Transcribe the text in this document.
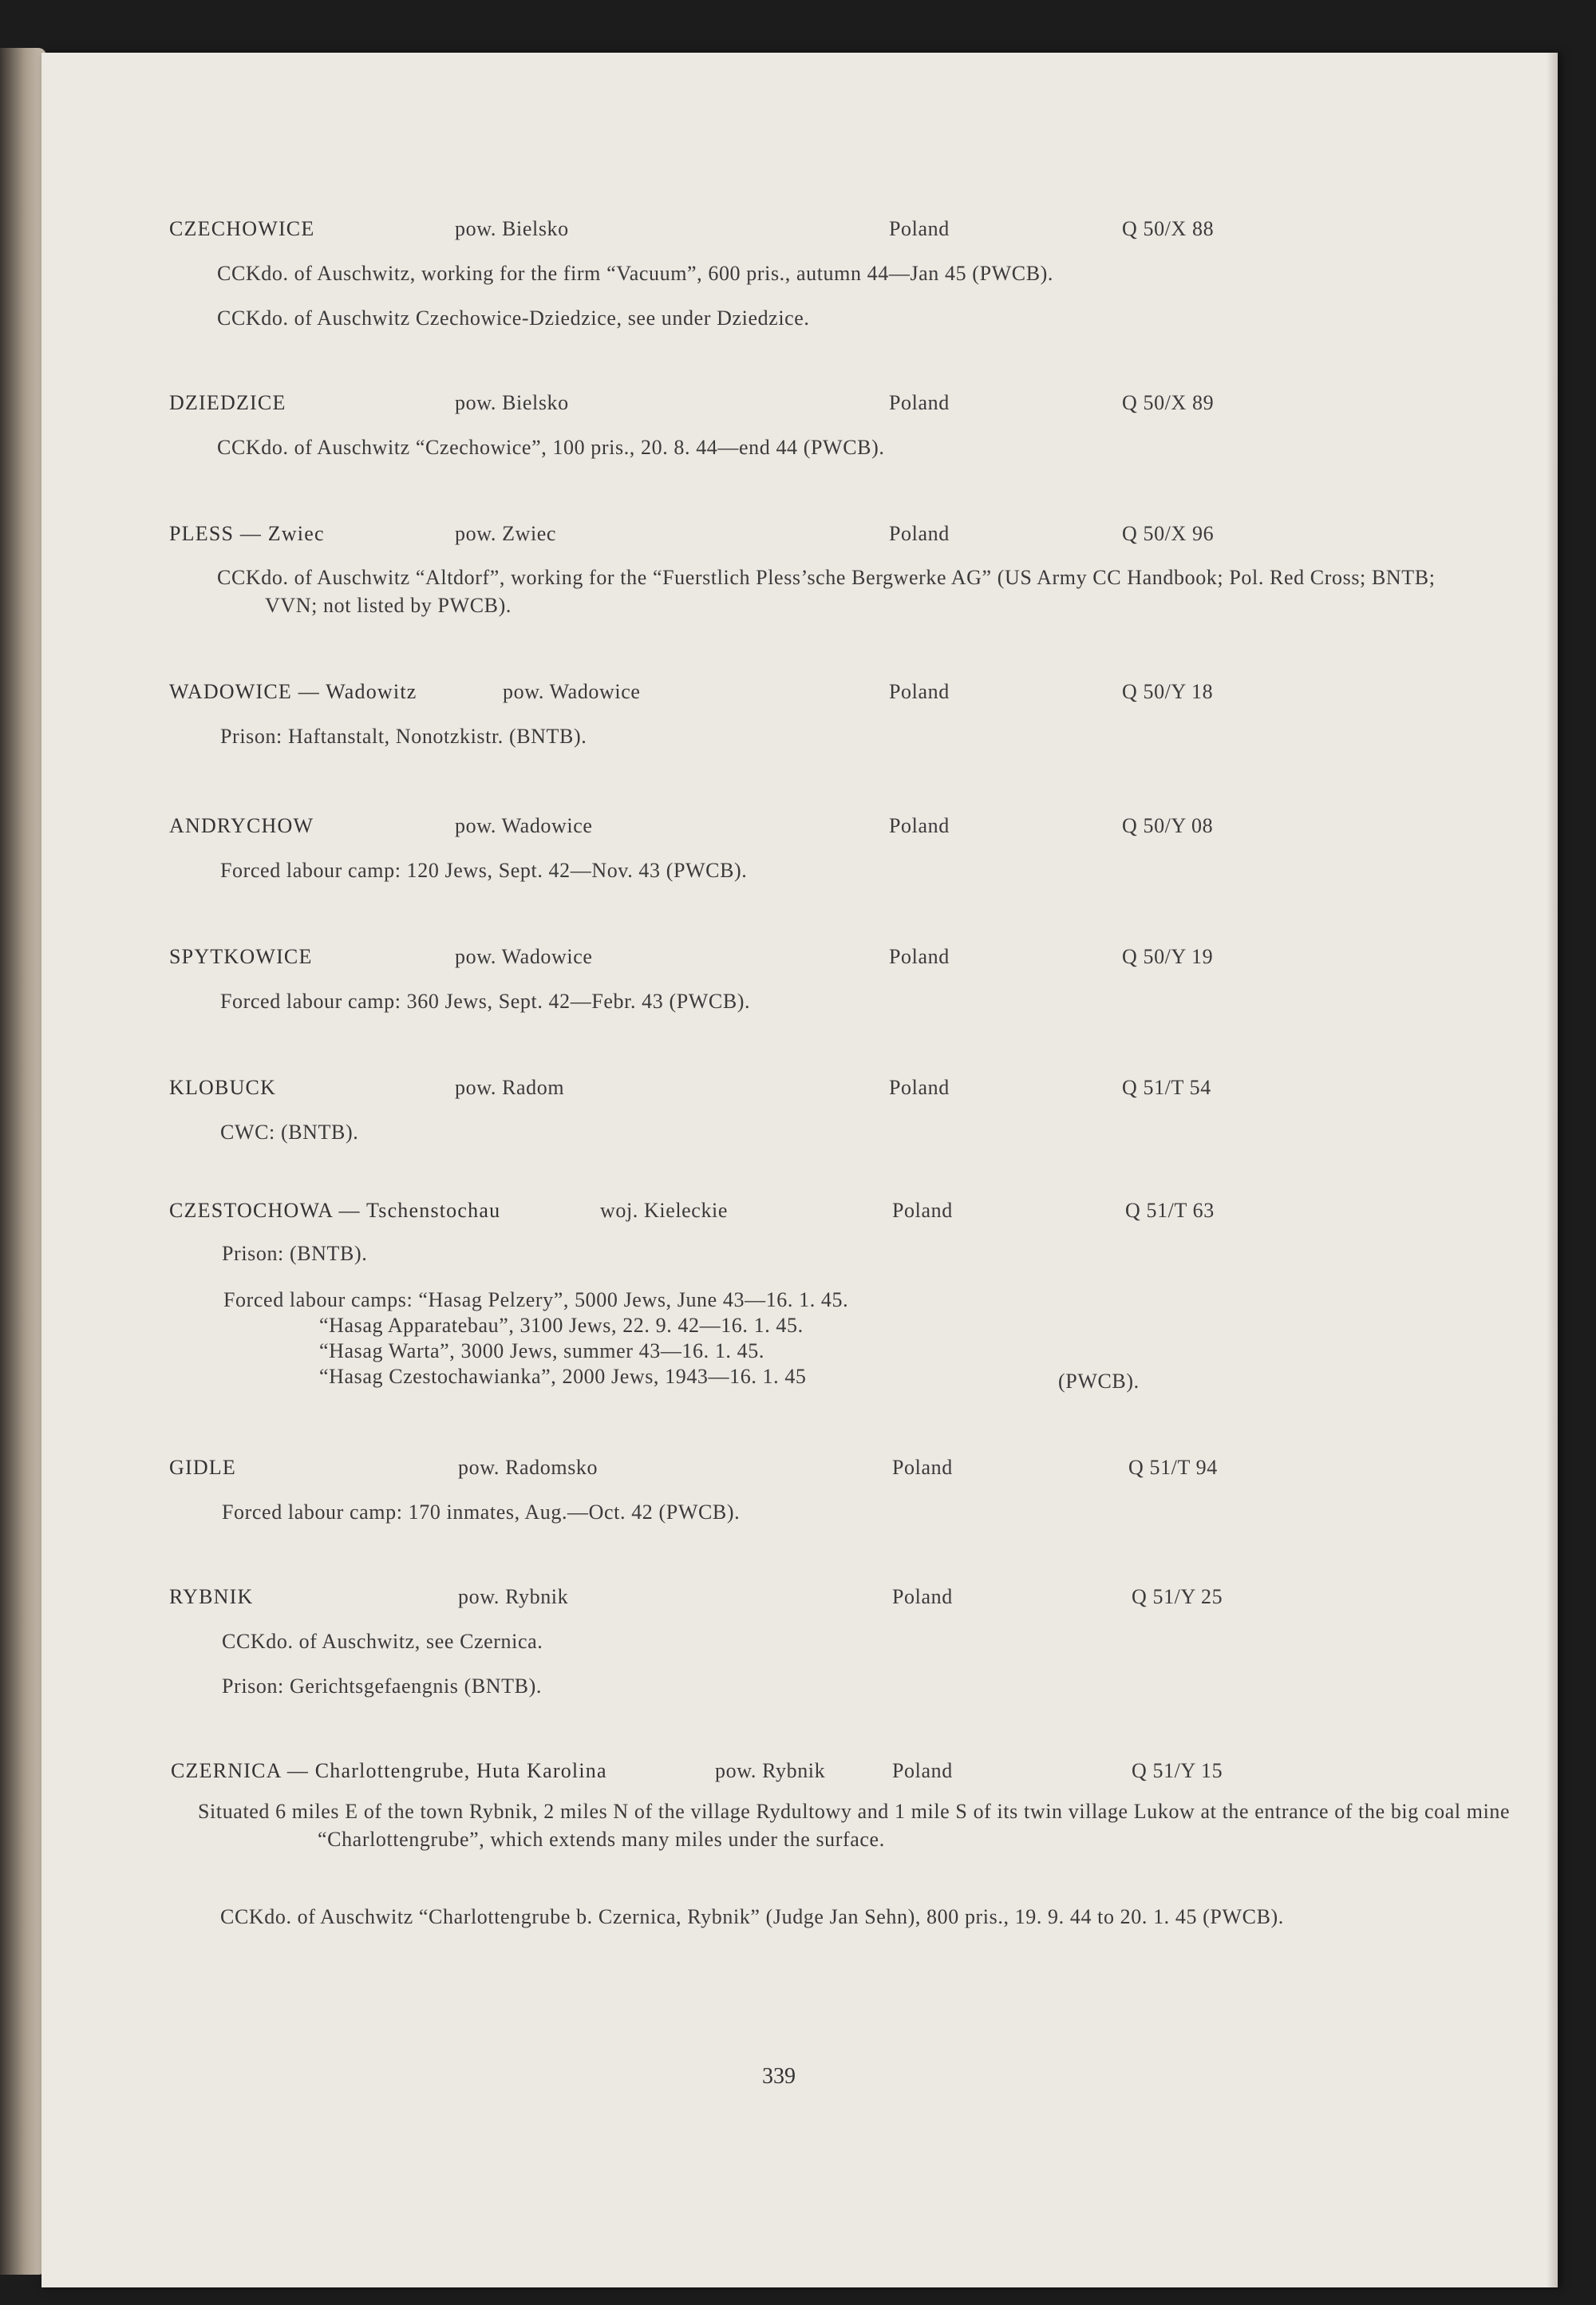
CZECHOWICE	pow. Bielsko	Poland	Q 50/X 88
CCKdo. of Auschwitz, working for the firm “Vacuum”, 600 pris., autumn 44—Jan 45 (PWCB).
CCKdo. of Auschwitz Czechowice-Dziedzice, see under Dziedzice.
DZIEDZICE	pow. Bielsko	Poland	Q 50/X 89
CCKdo. of Auschwitz “Czechowice”, 100 pris., 20. 8. 44—end 44 (PWCB).
PLESS — Zwiec	pow. Zwiec	Poland	Q 50/X 96
CCKdo. of Auschwitz “Altdorf”, working for the “Fuerstlich Pless’sche Bergwerke AG” (US Army CC Handbook; Pol. Red Cross; BNTB; VVN; not listed by PWCB).
WADOWICE — Wadowitz	pow. Wadowice	Poland	Q 50/Y 18
Prison: Haftanstalt, Nonotzkistr. (BNTB).
ANDRYCHOW	pow. Wadowice	Poland	Q 50/Y 08
Forced labour camp: 120 Jews, Sept. 42—Nov. 43 (PWCB).
SPYTKOWICE	pow. Wadowice	Poland	Q 50/Y 19
Forced labour camp: 360 Jews, Sept. 42—Febr. 43 (PWCB).
KLOBUCK	pow. Radom	Poland	Q 51/T 54
CWC: (BNTB).
CZESTOCHOWA — Tschenstochau	woj. Kieleckie	Poland	Q 51/T 63
Prison: (BNTB).
Forced labour camps: “Hasag Pelzery”, 5000 Jews, June 43—16. 1. 45.
“Hasag Apparatebau”, 3100 Jews, 22. 9. 42—16. 1. 45.
“Hasag Warta”, 3000 Jews, summer 43—16. 1. 45.
“Hasag Czestochawianka”, 2000 Jews, 1943—16. 1. 45	(PWCB).
GIDLE	pow. Radomsko	Poland	Q 51/T 94
Forced labour camp: 170 inmates, Aug.—Oct. 42 (PWCB).
RYBNIK	pow. Rybnik	Poland	Q 51/Y 25
CCKdo. of Auschwitz, see Czernica.
Prison: Gerichtsgefaengnis (BNTB).
CZERNICA — Charlottengrube, Huta Karolina	pow. Rybnik	Poland	Q 51/Y 15
Situated 6 miles E of the town Rybnik, 2 miles N of the village Rydultowy and 1 mile S of its twin village Lukow at the entrance of the big coal mine “Charlottengrube”, which extends many miles under the surface.
CCKdo. of Auschwitz “Charlottengrube b. Czernica, Rybnik” (Judge Jan Sehn), 800 pris., 19. 9. 44 to 20. 1. 45 (PWCB).
339
